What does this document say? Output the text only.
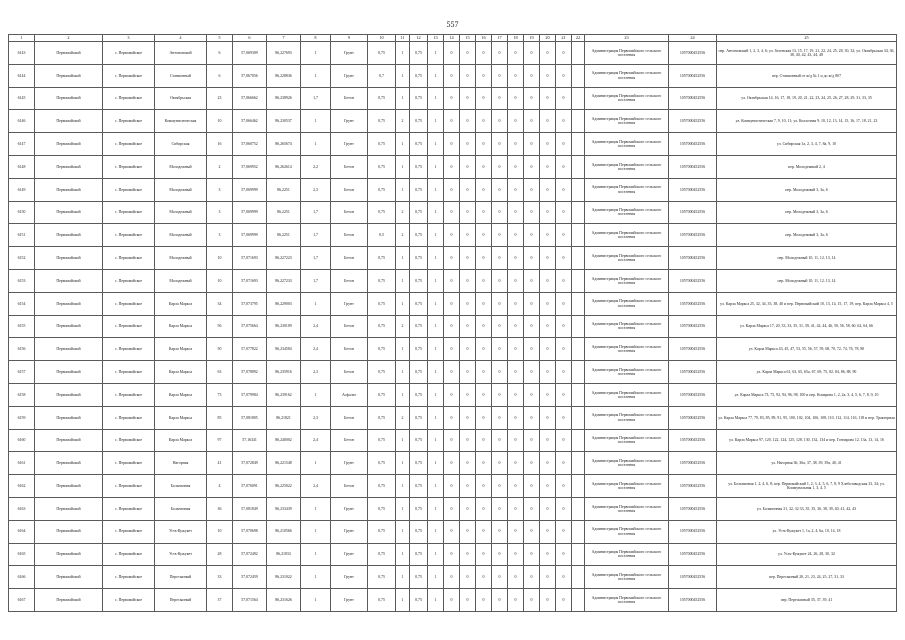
557
1	2	3	4	5	6	7	8	9	10	11	12	13	14	15	16	17	18	19	20	21	22	23	24	25
6143	Первомайский	с. Первомайское	Антоновский	6	57,069309	86,227693	1	Грунт	0,75	1	0,75	1	0	0	0	0	0	0	0	0		Администрация Первомайского сельского поселения	1057000452556	пер. Антоновский 1, 2, 3, 4, 6; ул. Зеленская 13, 15, 17, 19, 21, 22, 24, 25, 28, 30, 32; ул. Октябрьская 34, 36, 38, 40, 42, 43, 44, 48
6144	Первомайский	с. Первомайское	Станионный	6	57,067056	86,228836	1	Грунт	0,7	1	0,75	1	0	0	0	0	0	0	0	0		Администрация Первомайского сельского поселения	1057000452556	пер. Станионный от ж/д № 1 и до ж/д 807
6145	Первомайский	с. Первомайское	Октябрьская	23	57,066662	86,238926	1,7	Бетон	0,75	1	0,75	1	0	0	0	0	0	0	0	0		Администрация Первомайского сельского поселения	1057000452556	ул. Октябрьская 14, 16, 17, 18, 19, 20, 21, 22, 23, 24, 25, 26, 27, 28, 29, 31, 33, 35
6146	Первомайский	с. Первомайское	Коммунистическая	10	57,066462	86,230537	1	Грунт	0,75	2	0,75	1	0	0	0	0	0	0	0	0		Администрация Первомайского сельского поселения	1057000452556	ул. Коммунистическая 7, 9, 10, 11; ул. Колхозная 9, 10, 12, 13, 14, 15, 16, 17, 18, 21, 23
6147	Первомайский	с. Первомайское	Сибирская	16	57,060752	86,265674	1	Грунт	0,75	1	0,75	1	0	0	0	0	0	0	0	0		Администрация Первомайского сельского поселения	1057000452556	ул. Сибирская 1а, 2, 3, 4, 7, 8а, 9, 10
6148	Первомайский	с. Первомайское	Молодежный	2	57,069952	86,262614	2,2	Бетон	0,75	1	0,75	1	0	0	0	0	0	0	0	0		Администрация Первомайского сельского поселения	1057000452556	пер. Молодежный 2, 4
6149	Первомайский	с. Первомайское	Молодежный	3	57,069999	86,2251	2,3	Бетон	0,75	1	0,75	1	0	0	0	0	0	0	0	0		Администрация Первомайского сельского поселения	1057000452556	пер. Молодежный 3, 3а, 6
6150	Первомайский	с. Первомайское	Молодежный	3	57,069999	86,2251	1,7	Бетон	0,75	2	0,75	1	0	0	0	0	0	0	0	0		Администрация Первомайского сельского поселения	1057000452556	пер. Молодежный 3, 3а, 6
6151	Первомайский	с. Первомайское	Молодежный	3	57,069999	86,2251	1,7	Бетон	0,5	2	0,75	1	0	0	0	0	0	0	0	0		Администрация Первомайского сельского поселения	1057000452556	пер. Молодежный 3, 3а, 6
6152	Первомайский	с. Первомайское	Молодежный	10	57,071693	86,227223	1,7	Бетон	0,75	1	0,75	1	0	0	0	0	0	0	0	0		Администрация Первомайского сельского поселения	1057000452556	пер. Молодежный 10, 11, 12, 13, 14
6153	Первомайский	с. Первомайское	Молодежный	10	57,071693	86,227233	1,7	Бетон	0,75	1	0,75	1	0	0	0	0	0	0	0	0		Администрация Первомайского сельского поселения	1057000452556	пер. Молодежный 10, 11, 12, 13, 14
6154	Первомайский	с. Первомайское	Карла Маркса	34	57,073795	86,229003	1	Грунт	0,75	1	0,75	1	0	0	0	0	0	0	0	0		Администрация Первомайского сельского поселения	1057000452556	ул. Карла Маркса 25, 32, 34, 35, 38, 40 и пер. Первомайский 10, 13, 14, 15, 17, 19; пер. Карла Маркса 4, 5
6155	Первомайский	с. Первомайское	Карла Маркса	56	57,075664	86,230109	2,4	Бетон	0,75	2	0,75	1	0	0	0	0	0	0	0	0		Администрация Первомайского сельского поселения	1057000452556	ул. Карла Маркса 17, 20, 33, 33, 35, 31, 39, 41, 42, 44, 46, 50, 56, 58, 60, 62, 64, 66
6156	Первомайский	с. Первомайское	Карла Маркса	50	57,077822	86,234584	2,4	Бетон	0,75	1	0,75	1	0	0	0	0	0	0	0	0		Администрация Первомайского сельского поселения	1057000452556	ул. Карла Маркса 43, 45, 47, 53, 55, 56, 57, 59, 68, 70, 72, 74, 76, 78, 80
6157	Первомайский	с. Первомайское	Карла Маркса	63	57,078892	86,235916	2,3	Бетон	0,75	1	0,75	1	0	0	0	0	0	0	0	0		Администрация Первомайского сельского поселения	1057000452556	ул. Карла Маркса 61, 63, 65, 65а, 67, 69, 75, 82, 84, 86, 88, 90
6158	Первомайский	с. Первомайское	Карла Маркса	73	57,079984	86,239162	1	Асфальт	0,75	1	0,75	1	0	0	0	0	0	0	0	0		Администрация Первомайского сельского поселения	1057000452556	ул. Карла Маркса 73, 75, 92, 94, 96, 98, 100 и пер. Комарова 1, 2, 2а, 3, 4, 5, 6, 7, 8, 9, 10
6159	Первомайский	с. Первомайское	Карла Маркса	85	57,081805	86,21821	2,3	Бетон	0,75	2	0,75	1	0	0	0	0	0	0	0	0		Администрация Первомайского сельского поселения	1057000452556	ул. Карла Маркса 77, 79, 83, 85, 89, 91, 95, 100, 102, 104, 106, 108, 110, 112, 114, 116, 118 и пер. Тракторная
6160	Первомайский	с. Первомайское	Карла Маркса	97	57,16341	86,240002	2,4	Бетон	0,75	1	0,75	1	0	0	0	0	0	0	0	0		Администрация Первомайского сельского поселения	1057000452556	ул. Карла Маркса 97, 120, 122, 124, 125, 128, 130, 132, 134 и пер. Гончарова 12, 13а, 13, 14, 16
6161	Первомайский	с. Первомайское	Нагорная	41	57,072849	86,221548	1	Грунт	0,75	1	0,75	1	0	0	0	0	0	0	0	0		Администрация Первомайского сельского поселения	1057000452556	ул. Нагорная 36, 36а, 37, 38, 39, 39а, 40, 41
6162	Первомайский	с. Первомайское	Больничная	4	57,076091	86,225022	2,4	Бетон	0,75	1	0,75	1	0	0	0	0	0	0	0	0		Администрация Первомайского сельского поселения	1057000452556	ул. Больничная 1, 2, 4, 6, 8; пер. Первомайский 1, 2, 3, 4, 5, 6, 7, 8, 9 Хлебозаводская 33, 34; ул. Коммунальная 1, 3, 4, 5
6163	Первомайский	с. Первомайское	Больничная	36	57,081849	86,233439	1	Грунт	0,75	1	0,75	1	0	0	0	0	0	0	0	0		Администрация Первомайского сельского поселения	1057000452556	ул. Больничная 31, 32, 32 33, 35, 35, 36, 38, 39, 40, 41, 42, 43
6164	Первомайский	с. Первомайское	Усть-Кужукет	10	57,070698	86,210566	1	Грунт	0,75	1	0,75	1	0	0	0	0	0	0	0	0		Администрация Первомайского сельского поселения	1057000452556	ул. Усть-Кужукет 1, 1а, 2, 4, 6а, 10, 14, 18
6165	Первомайский	с. Первомайское	Усть-Кужукет	28	57,072492	86,21833	1	Грунт	0,75	1	0,75	1	0	0	0	0	0	0	0	0		Администрация Первомайского сельского поселения	1057000452556	ул. Усть-Кужукет 24, 26, 28, 30, 32
6166	Первомайский	с. Первомайское	Пересыпный	33	57,072459	86,231022	1	Грунт	0,75	1	0,75	1	0	0	0	0	0	0	0	0		Администрация Первомайского сельского поселения	1057000452556	пер. Пересыпный 20, 21, 23, 24, 25, 27, 31, 33
6167	Первомайский	с. Первомайское	Пересыпный	37	57,071564	86,231626	1	Грунт	0,75	1	0,75	1	0	0	0	0	0	0	0	0		Администрация Первомайского сельского поселения	1057000452556	пер. Пересыпный 35, 37, 39, 41
